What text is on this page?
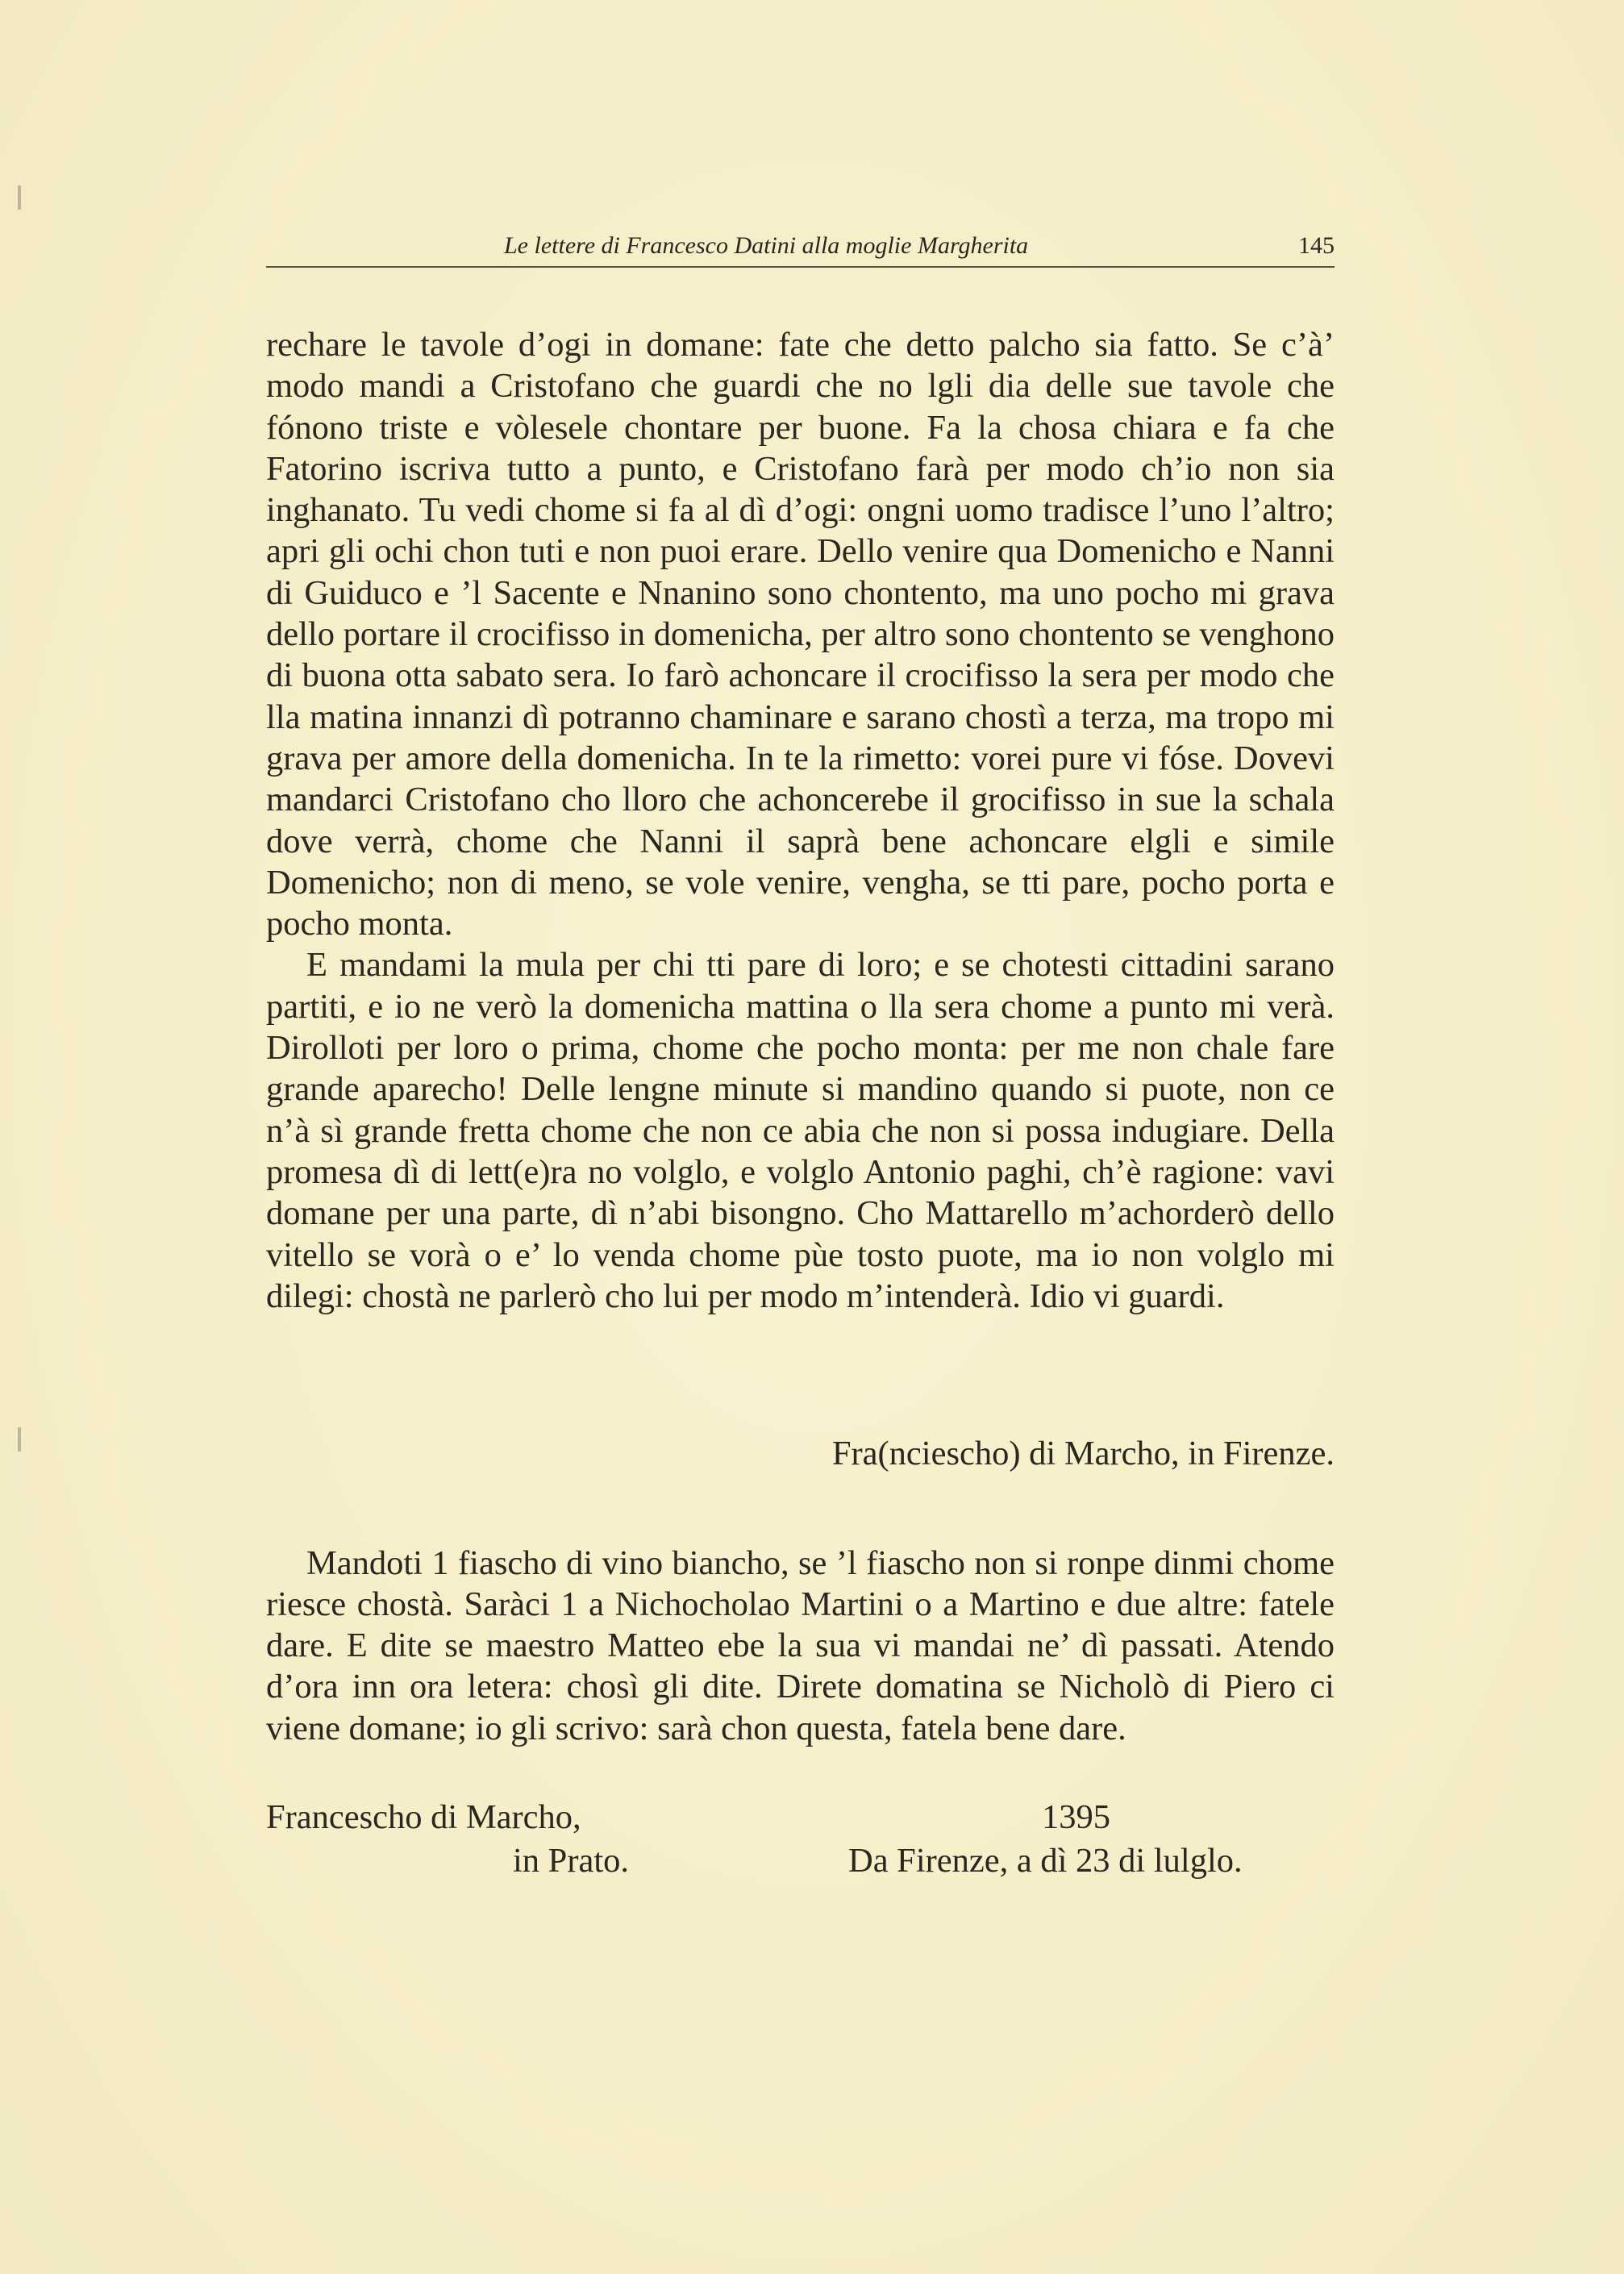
Le lettere di Francesco Datini alla moglie Margherita	145

rechare le tavole d’ogi in domane: fate che detto palcho sia fatto. Se c’à’ modo mandi a Cristofano che guardi che no lgli dia delle sue tavole che fónono triste e vòlesele chontare per buone. Fa la chosa chiara e fa che Fatorino iscriva tutto a punto, e Cristofano farà per modo ch’io non sia inghanato. Tu vedi chome si fa al dì d’ogi: ongni uomo tradisce l’uno l’altro; apri gli ochi chon tuti e non puoi erare. Dello venire qua Domenicho e Nanni di Guiduco e ’l Sacente e Nnanino sono chontento, ma uno pocho mi grava dello portare il crocifisso in domenicha, per altro sono chontento se venghono di buona otta sabato sera. Io farò achoncare il crocifisso la sera per modo che lla matina innanzi dì potranno chaminare e sarano chostì a terza, ma tropo mi grava per amore della domenicha. In te la rimetto: vorei pure vi fóse. Dovevi mandarci Cristofano cho lloro che achoncerebe il grocifisso in sue la schala dove verrà, chome che Nanni il saprà bene achoncare elgli e simile Domenicho; non di meno, se vole venire, vengha, se tti pare, pocho porta e pocho monta.

E mandami la mula per chi tti pare di loro; e se chotesti cittadini sarano partiti, e io ne verò la domenicha mattina o lla sera chome a punto mi verà. Dirolloti per loro o prima, chome che pocho monta: per me non chale fare grande aparecho! Delle lengne minute si mandino quando si puote, non ce n’à sì grande fretta chome che non ce abia che non si possa indugiare. Della promesa dì di lett(e)ra no volglo, e volglo Antonio paghi, ch’è ragione: vavi domane per una parte, dì n’abi bisongno. Cho Mattarello m’achorderò dello vitello se vorà o e’ lo venda chome pùe tosto puote, ma io non volglo mi dilegi: chostà ne parlerò cho lui per modo m’intenderà. Idio vi guardi.

Fra(nciescho) di Marcho, in Firenze.

Mandoti 1 fiascho di vino biancho, se ’l fiascho non si ronpe dinmi chome riesce chostà. Saràci 1 a Nichocholao Martini o a Martino e due altre: fatele dare. E dite se maestro Matteo ebe la sua vi mandai ne’ dì passati. Atendo d’ora inn ora letera: chosì gli dite. Direte domatina se Nicholò di Piero ci viene domane; io gli scrivo: sarà chon questa, fatela bene dare.

Francescho di Marcho,
in Prato.
1395
Da Firenze, a dì 23 di lulglo.
